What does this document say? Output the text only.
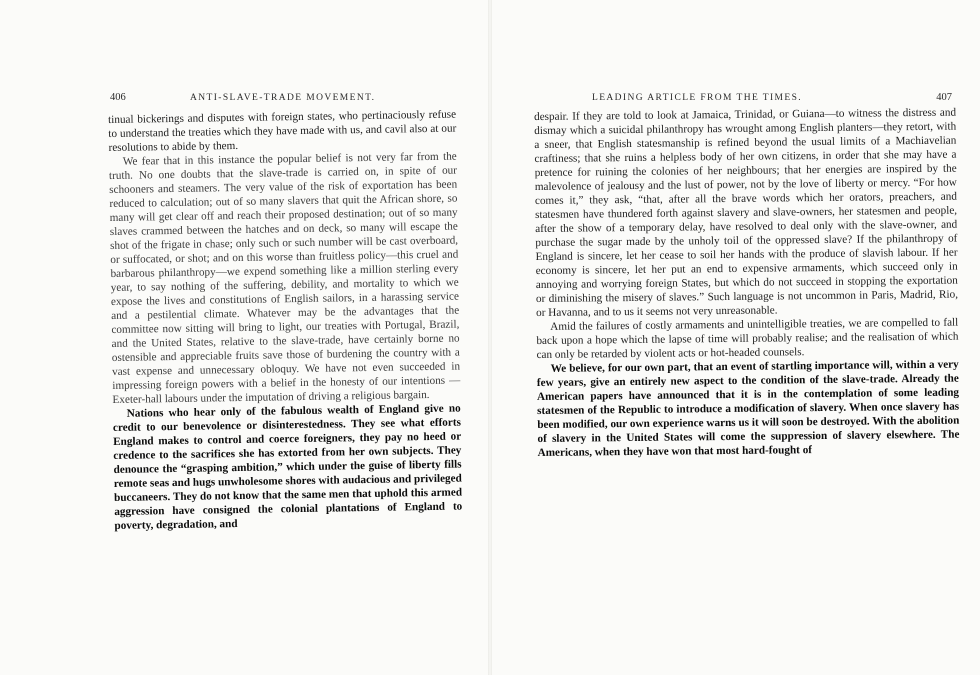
406	ANTI-SLAVE-TRADE MOVEMENT.

tinual bickerings and disputes with foreign states, who pertinaciously refuse to understand the treaties which they have made with us, and cavil also at our resolutions to abide by them.

We fear that in this instance the popular belief is not very far from the truth. No one doubts that the slave-trade is carried on, in spite of our schooners and steamers. The very value of the risk of exportation has been reduced to calculation; out of so many slavers that quit the African shore, so many will get clear off and reach their proposed destination; out of so many slaves crammed between the hatches and on deck, so many will escape the shot of the frigate in chase; only such or such number will be cast overboard, or suffocated, or shot; and on this worse than fruitless policy—this cruel and barbarous philanthropy—we expend something like a million sterling every year, to say nothing of the suffering, debility, and mortality to which we expose the lives and constitutions of English sailors, in a harassing service and a pestilential climate. Whatever may be the advantages that the committee now sitting will bring to light, our treaties with Portugal, Brazil, and the United States, relative to the slave-trade, have certainly borne no ostensible and appreciable fruits save those of burdening the country with a vast expense and unnecessary obloquy. We have not even succeeded in impressing foreign powers with a belief in the honesty of our intentions —Exeter-hall labours under the imputation of driving a religious bargain.

Nations who hear only of the fabulous wealth of England give no credit to our benevolence or disinterestedness. They see what efforts England makes to control and coerce foreigners, they pay no heed or credence to the sacrifices she has extorted from her own subjects. They denounce the “grasping ambition,” which under the guise of liberty fills remote seas and hugs unwholesome shores with audacious and privileged buccaneers. They do not know that the same men that uphold this armed aggression have consigned the colonial plantations of England to poverty, degradation, and

LEADING ARTICLE FROM THE TIMES.	407

despair. If they are told to look at Jamaica, Trinidad, or Guiana—to witness the distress and dismay which a suicidal philanthropy has wrought among English planters—they retort, with a sneer, that English statesmanship is refined beyond the usual limits of a Machiavelian craftiness; that she ruins a helpless body of her own citizens, in order that she may have a pretence for ruining the colonies of her neighbours; that her energies are inspired by the malevolence of jealousy and the lust of power, not by the love of liberty or mercy. “For how comes it,” they ask, “that, after all the brave words which her orators, preachers, and statesmen have thundered forth against slavery and slave-owners, her statesmen and people, after the show of a temporary delay, have resolved to deal only with the slave-owner, and purchase the sugar made by the unholy toil of the oppressed slave? If the philanthropy of England is sincere, let her cease to soil her hands with the produce of slavish labour. If her economy is sincere, let her put an end to expensive armaments, which succeed only in annoying and worrying foreign States, but which do not succeed in stopping the exportation or diminishing the misery of slaves.” Such language is not uncommon in Paris, Madrid, Rio, or Havanna, and to us it seems not very unreasonable.

Amid the failures of costly armaments and unintelligible treaties, we are compelled to fall back upon a hope which the lapse of time will probably realise; and the realisation of which can only be retarded by violent acts or hot-headed counsels.

We believe, for our own part, that an event of startling importance will, within a very few years, give an entirely new aspect to the condition of the slave-trade. Already the American papers have announced that it is in the contemplation of some leading statesmen of the Republic to introduce a modification of slavery. When once slavery has been modified, our own experience warns us it will soon be destroyed. With the abolition of slavery in the United States will come the suppression of slavery elsewhere. The Americans, when they have won that most hard-fought of
